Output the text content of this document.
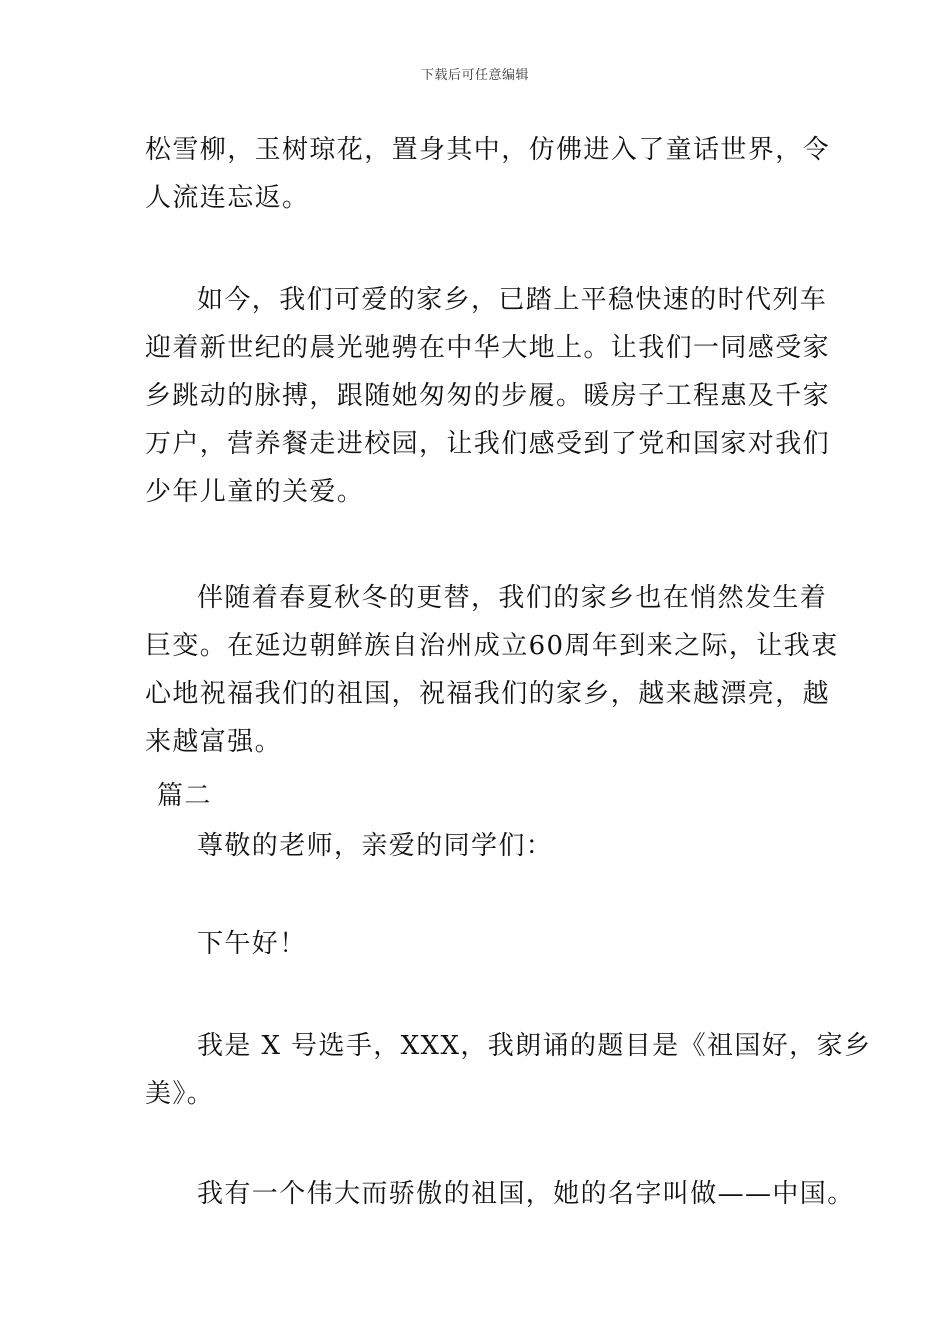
下载后可任意编辑
松雪柳，玉树琼花，置身其中，仿佛进入了童话世界，令
人流连忘返。
如今，我们可爱的家乡，已踏上平稳快速的时代列车
迎着新世纪的晨光驰骋在中华大地上。让我们一同感受家
乡跳动的脉搏，跟随她匆匆的步履。暖房子工程惠及千家
万户，营养餐走进校园，让我们感受到了党和国家对我们
少年儿童的关爱。
伴随着春夏秋冬的更替，我们的家乡也在悄然发生着
巨变。在延边朝鲜族自治州成立60周年到来之际，让我衷
心地祝福我们的祖国，祝福我们的家乡，越来越漂亮，越
来越富强。
篇二
尊敬的老师，亲爱的同学们：
下午好！
我是 X 号选手，XXX，我朗诵的题目是《祖国好，家乡
美》。
我有一个伟大而骄傲的祖国，她的名字叫做——中国。
